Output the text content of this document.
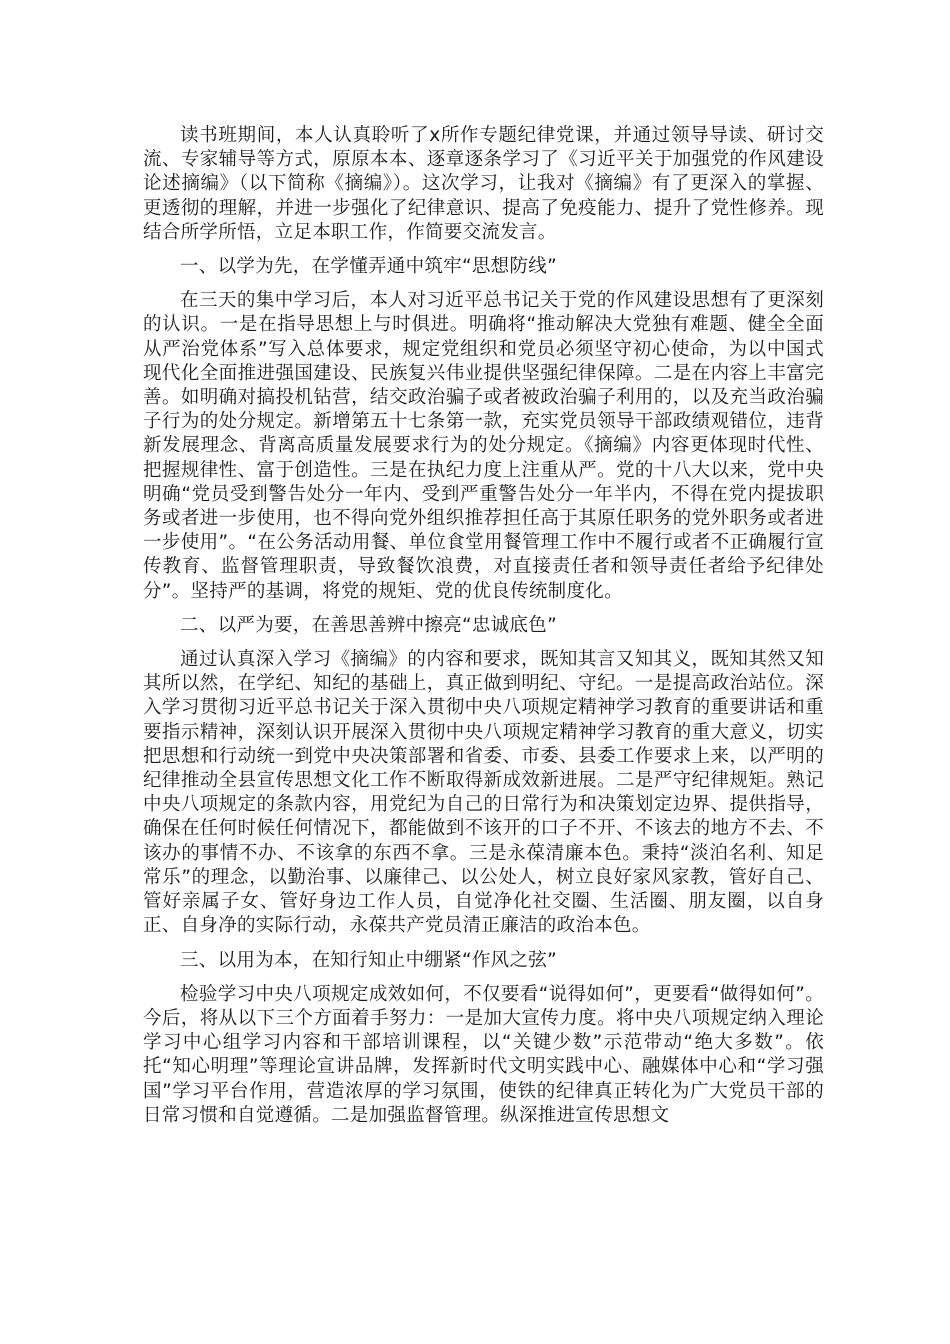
读书班期间，本人认真聆听了x所作专题纪律党课，并通过领导导读、研讨交流、专家辅导等方式，原原本本、逐章逐条学习了《习近平关于加强党的作风建设论述摘编》（以下简称《摘编》）。这次学习，让我对《摘编》有了更深入的掌握、更透彻的理解，并进一步强化了纪律意识、提高了免疫能力、提升了党性修养。现结合所学所悟，立足本职工作，作简要交流发言。

一、以学为先，在学懂弄通中筑牢“思想防线”

在三天的集中学习后，本人对习近平总书记关于党的作风建设思想有了更深刻的认识。一是在指导思想上与时俱进。明确将“推动解决大党独有难题、健全全面从严治党体系”写入总体要求，规定党组织和党员必须坚守初心使命，为以中国式现代化全面推进强国建设、民族复兴伟业提供坚强纪律保障。二是在内容上丰富完善。如明确对搞投机钻营，结交政治骗子或者被政治骗子利用的，以及充当政治骗子行为的处分规定。新增第五十七条第一款，充实党员领导干部政绩观错位，违背新发展理念、背离高质量发展要求行为的处分规定。《摘编》内容更体现时代性、把握规律性、富于创造性。三是在执纪力度上注重从严。党的十八大以来，党中央明确“党员受到警告处分一年内、受到严重警告处分一年半内，不得在党内提拔职务或者进一步使用，也不得向党外组织推荐担任高于其原任职务的党外职务或者进一步使用”。“在公务活动用餐、单位食堂用餐管理工作中不履行或者不正确履行宣传教育、监督管理职责，导致餐饮浪费，对直接责任者和领导责任者给予纪律处分”。坚持严的基调，将党的规矩、党的优良传统制度化。

二、以严为要，在善思善辨中擦亮“忠诚底色”

通过认真深入学习《摘编》的内容和要求，既知其言又知其义，既知其然又知其所以然，在学纪、知纪的基础上，真正做到明纪、守纪。一是提高政治站位。深入学习贯彻习近平总书记关于深入贯彻中央八项规定精神学习教育的重要讲话和重要指示精神，深刻认识开展深入贯彻中央八项规定精神学习教育的重大意义，切实把思想和行动统一到党中央决策部署和省委、市委、县委工作要求上来，以严明的纪律推动全县宣传思想文化工作不断取得新成效新进展。二是严守纪律规矩。熟记中央八项规定的条款内容，用党纪为自己的日常行为和决策划定边界、提供指导，确保在任何时候任何情况下，都能做到不该开的口子不开、不该去的地方不去、不该办的事情不办、不该拿的东西不拿。三是永葆清廉本色。秉持“淡泊名利、知足常乐”的理念，以勤治事、以廉律己、以公处人，树立良好家风家教，管好自己、管好亲属子女、管好身边工作人员，自觉净化社交圈、生活圈、朋友圈，以自身正、自身净的实际行动，永葆共产党员清正廉洁的政治本色。

三、以用为本，在知行知止中绷紧“作风之弦”

检验学习中央八项规定成效如何，不仅要看“说得如何”，更要看“做得如何”。今后，将从以下三个方面着手努力：一是加大宣传力度。将中央八项规定纳入理论学习中心组学习内容和干部培训课程，以“关键少数”示范带动“绝大多数”。依托“知心明理”等理论宣讲品牌，发挥新时代文明实践中心、融媒体中心和“学习强国”学习平台作用，营造浓厚的学习氛围，使铁的纪律真正转化为广大党员干部的日常习惯和自觉遵循。二是加强监督管理。纵深推进宣传思想文
